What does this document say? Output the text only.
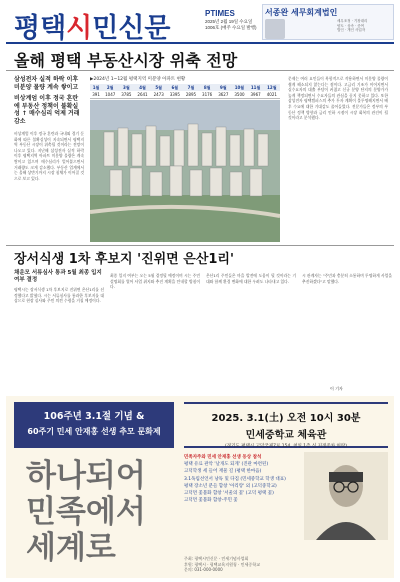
평택시민신문	PTIMES
2025년 2월 19일 수요일
1006호 (매주 수요일 발행)
서종완 세무회계법인
세무조정 · 기장대리
양도 · 상속 · 증여
법인 · 개인 사업자
올해 평택 부동산시장 위축 전망
삼성전자 실적 하락 이후 미분양 물량 계속 쌓이고
비상계엄 이후 정국 혼란에 부동산 정책이 불확실성 ↑ 매수심리 억제 거래 감소

비상계엄 이후 정국 혼란과 국내외 경기 둔화에 따른 불확실성이 지속되면서 평택지역 부동산 시장이 위축될 것이라는 전망이 나오고 있다. 지난해 삼성전자 실적 하락 이후 평택지역 아파트 미분양 물량은 계속 쌓이고 있으며 매수심리가 얼어붙으면서 거래량도 크게 감소했다. 부동산 업계에서는 올해 상반기까지 시장 침체가 이어질 것으로 보고 있다.

▶2024년 1~12월 평택지역 미분양 아파트 현황
1월	2월	3월	4월	5월	6월	7월	8월	9월	10월	11월	12월
391	1047	3785	2641	2473	3395	2895	3176	3627	3500	3967	4021

문제는 여러 요인들이 복합적으로 작용하면서 미분양 물량이 쉽게 해소되지 않는다는 점이다. 고금리 기조가 이어지면서 실수요자의 대출 부담이 커졌고 신규 분양 단지의 분양가가 높게 책정되면서 수요자들의 관심을 끌지 못하고 있다. 또한 삼성전자 평택캠퍼스의 추가 투자 계획이 불투명해지면서 배후 수요에 대한 기대감도 줄어들었다. 전문가들은 정부의 부동산 정책 방향과 금리 인하 시점이 시장 회복의 관건이 될 것이라고 분석했다.

장서식생 1차 후보지 '진위면 은산1리'
채운모 서류심사 통과 5월 최종 입지 여부 결정

평택시는 장서식생 1차 후보지로 진위면 은산1리를 선정했다고 밝혔다. 시는 서류심사를 통과한 후보지를 대상으로 현장 실사와 주민 의견 수렴을 거칠 예정이다.

최종 입지 여부는 오는 5월 결정될 예정이며 시는 주민 설명회를 열어 사업 취지와 추진 계획을 안내할 방침이다.

은산1리 주민들은 마을 발전에 도움이 될 것이라는 기대와 함께 환경 변화에 대한 우려도 나타내고 있다.

시 관계자는 "주민과 충분히 소통하며 투명하게 사업을 추진하겠다"고 말했다.

이 기자
106주년 3.1절 기념 &
60주기 민세 안재홍 선생 추모 문화제
2025. 3.1(土) 오전 10시 30분
민세중학교 체육관
(경기도 평택시 고덕국제7로 154, 천일 1층 신 지정주차 허락)
하나되어
민족에서
세계로
민족자주와 민세 안재홍 선생 동상 참석
평택 유료 관악 '날개도 되게' (진관 마련된)
고덕학생 세 들어 재물 길 (평택 한마음)
3.1독립선언서 낭독 및 다짐 (민세중학교 학생 대표)
평택 장소년 분들 함창 '아리랑' 외 (고덕중학교)
고덕면 꽃불화 합창 '서울의 꽃' (고덕 평택 꽃)
고덕면 꽃불화 합창-주민 꽃
주최: 평택시민신문 · 민세기념사업회
후원: 평택시 · 평택교육지원청 · 민세중학교
문의: 031-000-0000
